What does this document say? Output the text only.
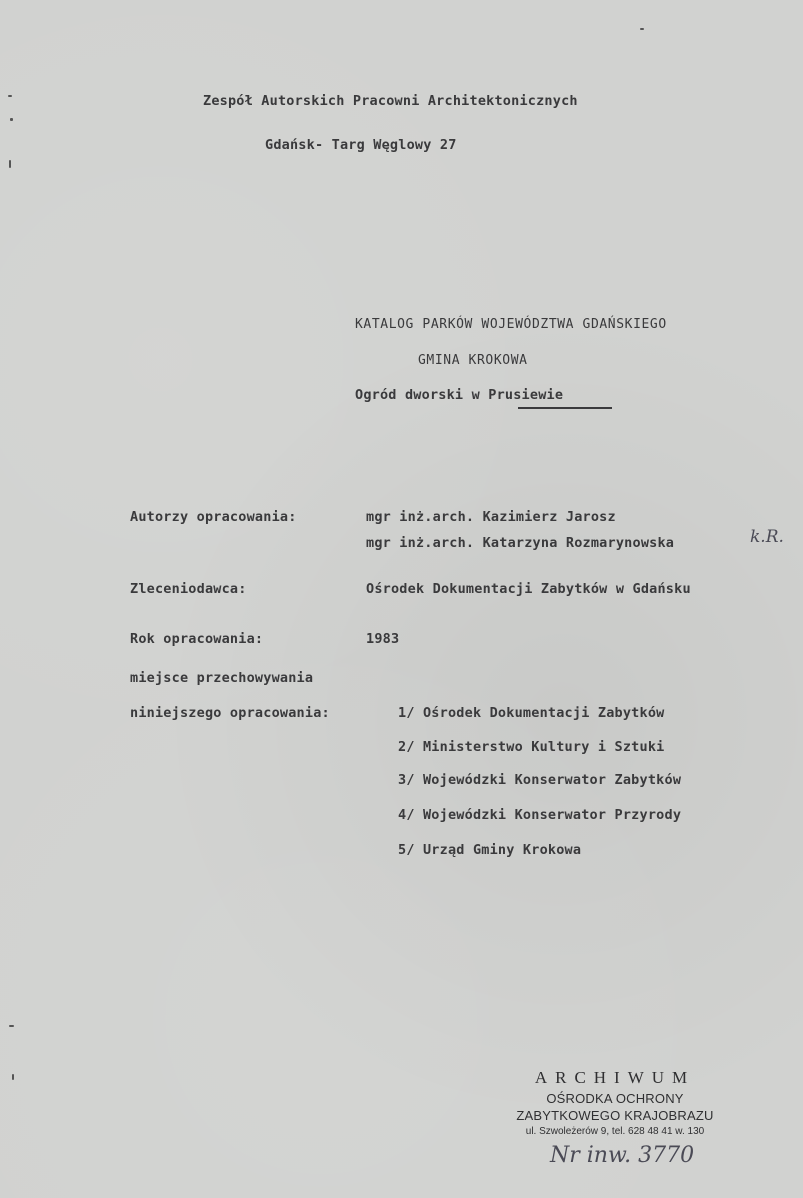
Zespół Autorskich Pracowni Architektonicznych
Gdańsk- Targ Węglowy 27
KATALOG PARKÓW WOJEWÓDZTWA GDAŃSKIEGO
GMINA KROKOWA
Ogród dworski w Prusiewie
Autorzy opracowania:	mgr inż.arch. Kazimierz Jarosz
mgr inż.arch. Katarzyna Rozmarynowska	k.R.
Zleceniodawca:	Ośrodek Dokumentacji Zabytków w Gdańsku
Rok opracowania:	1983
miejsce przechowywania
niniejszego opracowania:	1/ Ośrodek Dokumentacji Zabytków
2/ Ministerstwo Kultury i Sztuki
3/ Wojewódzki Konserwator Zabytków
4/ Wojewódzki Konserwator Przyrody
5/ Urząd Gminy Krokowa
ARCHIWUM
OŚRODKA OCHRONY
ZABYTKOWEGO KRAJOBRAZU
ul. Szwoleżerów 9, tel. 628 48 41 w. 130
Nr inw. 3770
